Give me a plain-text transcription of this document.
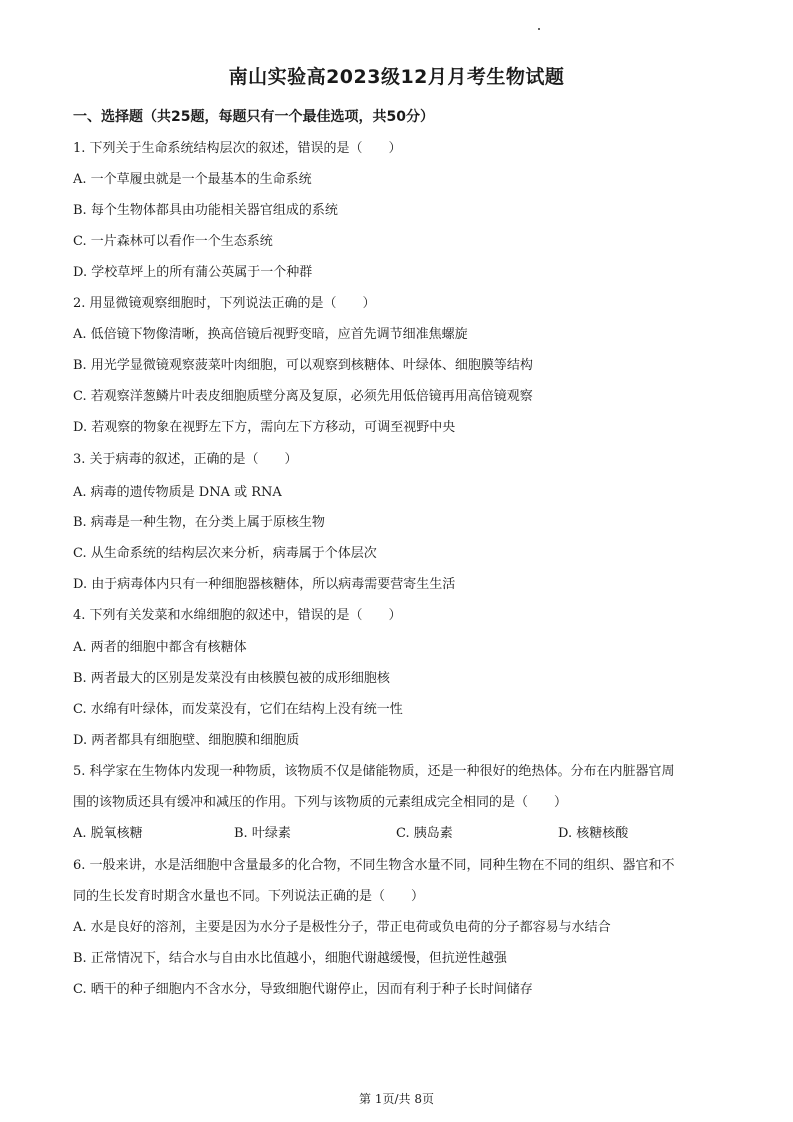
南山实验高2023级12月月考生物试题
一、选择题（共25题，每题只有一个最佳选项，共50分）
1. 下列关于生命系统结构层次的叙述，错误的是（　　）
A. 一个草履虫就是一个最基本的生命系统
B. 每个生物体都具由功能相关器官组成的系统
C. 一片森林可以看作一个生态系统
D. 学校草坪上的所有蒲公英属于一个种群
2. 用显微镜观察细胞时，下列说法正确的是（　　）
A. 低倍镜下物像清晰，换高倍镜后视野变暗，应首先调节细准焦螺旋
B. 用光学显微镜观察菠菜叶肉细胞，可以观察到核糖体、叶绿体、细胞膜等结构
C. 若观察洋葱鳞片叶表皮细胞质壁分离及复原，必须先用低倍镜再用高倍镜观察
D. 若观察的物象在视野左下方，需向左下方移动，可调至视野中央
3. 关于病毒的叙述，正确的是（　　）
A. 病毒的遗传物质是 DNA 或 RNA
B. 病毒是一种生物，在分类上属于原核生物
C. 从生命系统的结构层次来分析，病毒属于个体层次
D. 由于病毒体内只有一种细胞器核糖体，所以病毒需要营寄生生活
4. 下列有关发菜和水绵细胞的叙述中，错误的是（　　）
A. 两者的细胞中都含有核糖体
B. 两者最大的区别是发菜没有由核膜包被的成形细胞核
C. 水绵有叶绿体，而发菜没有，它们在结构上没有统一性
D. 两者都具有细胞壁、细胞膜和细胞质
5. 科学家在生物体内发现一种物质，该物质不仅是储能物质，还是一种很好的绝热体。分布在内脏器官周
围的该物质还具有缓冲和减压的作用。下列与该物质的元素组成完全相同的是（　　）
A. 脱氧核糖	B. 叶绿素	C. 胰岛素	D. 核糖核酸
6. 一般来讲，水是活细胞中含量最多的化合物，不同生物含水量不同，同种生物在不同的组织、器官和不
同的生长发育时期含水量也不同。下列说法正确的是（　　）
A. 水是良好的溶剂，主要是因为水分子是极性分子，带正电荷或负电荷的分子都容易与水结合
B. 正常情况下，结合水与自由水比值越小，细胞代谢越缓慢，但抗逆性越强
C. 晒干的种子细胞内不含水分，导致细胞代谢停止，因而有利于种子长时间储存
第 1页/共 8页
